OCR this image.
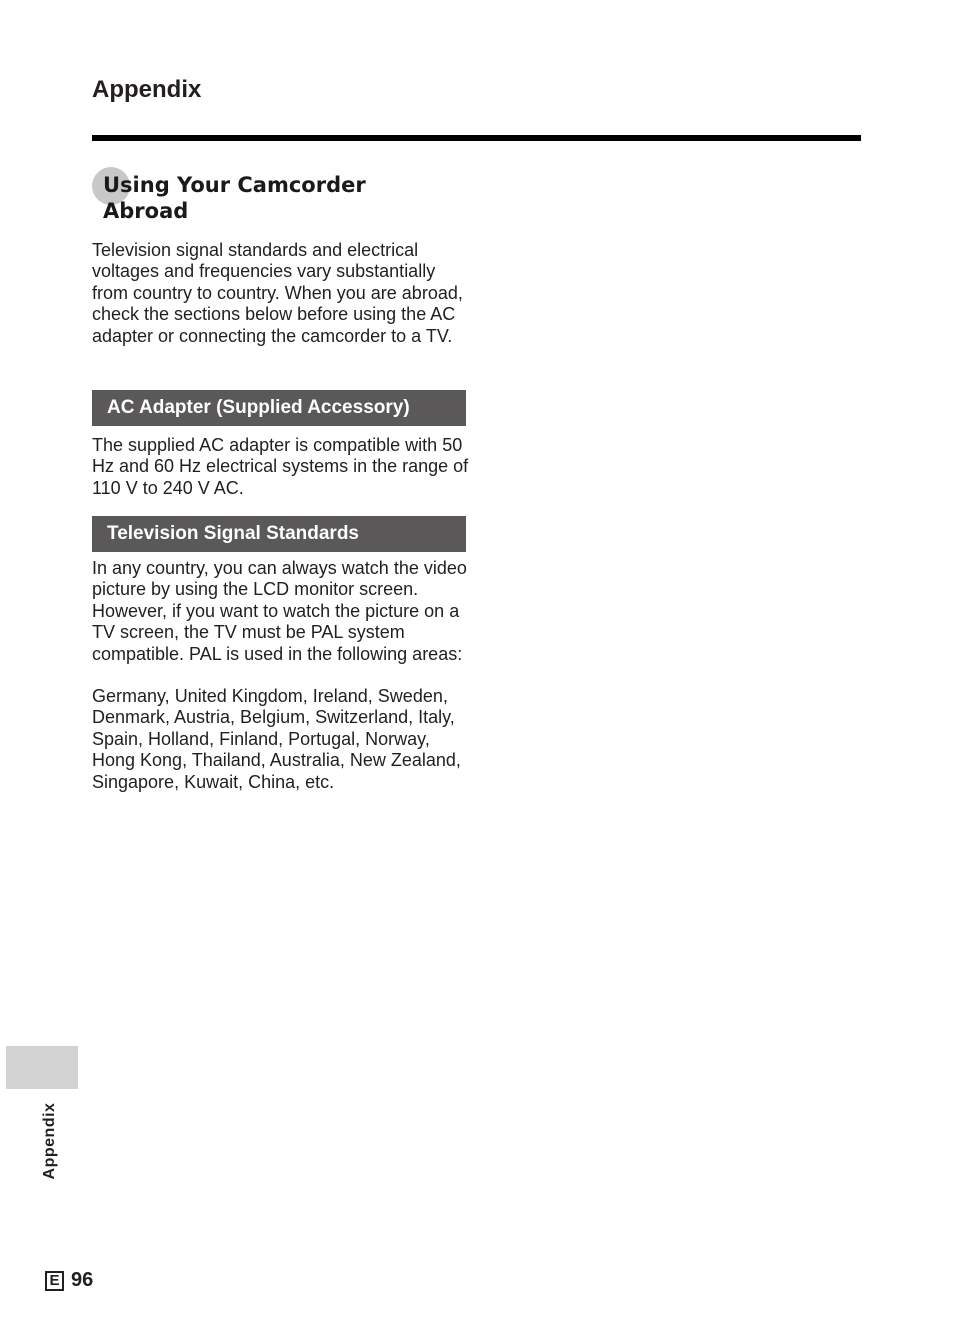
Appendix
Using Your Camcorder Abroad

Television signal standards and electrical voltages and frequencies vary substantially from country to country. When you are abroad, check the sections below before using the AC adapter or connecting the camcorder to a TV.

AC Adapter (Supplied Accessory)

The supplied AC adapter is compatible with 50 Hz and 60 Hz electrical systems in the range of 110 V to 240 V AC.

Television Signal Standards

In any country, you can always watch the video picture by using the LCD monitor screen. However, if you want to watch the picture on a TV screen, the TV must be PAL system compatible. PAL is used in the following areas:

Germany, United Kingdom, Ireland, Sweden, Denmark, Austria, Belgium, Switzerland, Italy, Spain, Holland, Finland, Portugal, Norway, Hong Kong, Thailand, Australia, New Zealand, Singapore, Kuwait, China, etc.

Appendix
E 96
